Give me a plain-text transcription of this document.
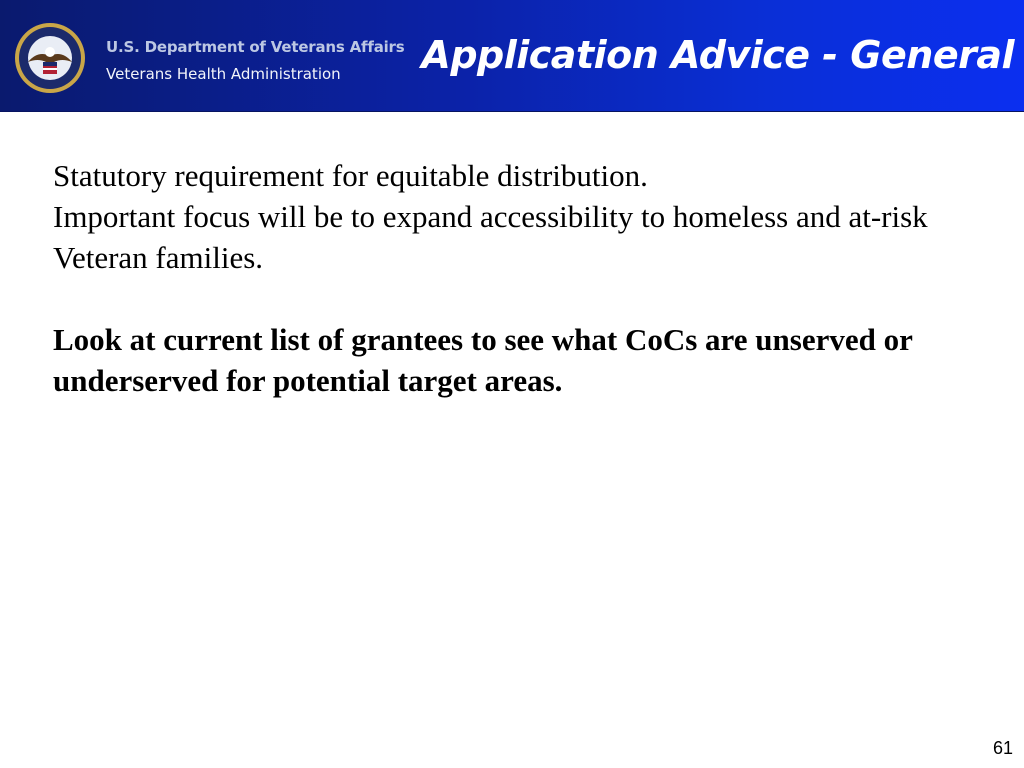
U.S. Department of Veterans Affairs
Veterans Health Administration	Application Advice - General

Statutory requirement for equitable distribution.

Important focus will be to expand accessibility to homeless and at-risk Veteran families.

Look at current list of grantees to see what CoCs are unserved or underserved for potential target areas.

61
